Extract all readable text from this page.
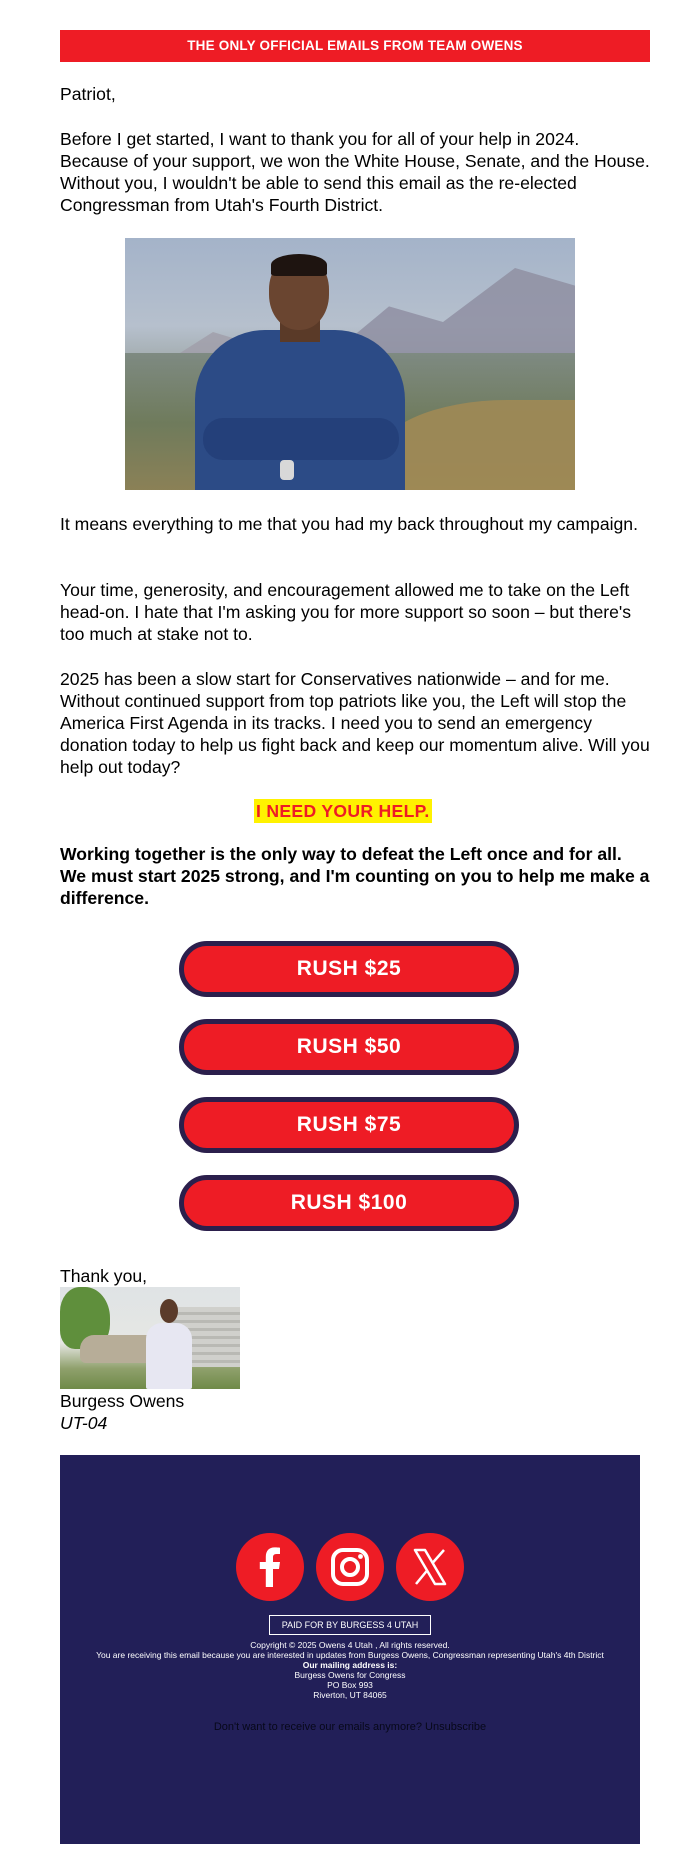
THE ONLY OFFICIAL EMAILS FROM TEAM OWENS

Patriot,

Before I get started, I want to thank you for all of your help in 2024. Because of your support, we won the White House, Senate, and the House. Without you, I wouldn't be able to send this email as the re-elected Congressman from Utah's Fourth District.

It means everything to me that you had my back throughout my campaign.

Your time, generosity, and encouragement allowed me to take on the Left head-on. I hate that I'm asking you for more support so soon – but there's too much at stake not to.

2025 has been a slow start for Conservatives nationwide – and for me. Without continued support from top patriots like you, the Left will stop the America First Agenda in its tracks. I need you to send an emergency donation today to help us fight back and keep our momentum alive. Will you help out today?

I NEED YOUR HELP.

Working together is the only way to defeat the Left once and for all. We must start 2025 strong, and I'm counting on you to help me make a difference.

RUSH $25
RUSH $50
RUSH $75
RUSH $100

Thank you,

Burgess Owens

UT-04

PAID FOR BY BURGESS 4 UTAH
Copyright © 2025 Owens 4 Utah , All rights reserved.
You are receiving this email because you are interested in updates from Burgess Owens, Congressman representing Utah's 4th District
Our mailing address is:
Burgess Owens for Congress
PO Box 993
Riverton, UT 84065
Don't want to receive our emails anymore? Unsubscribe
